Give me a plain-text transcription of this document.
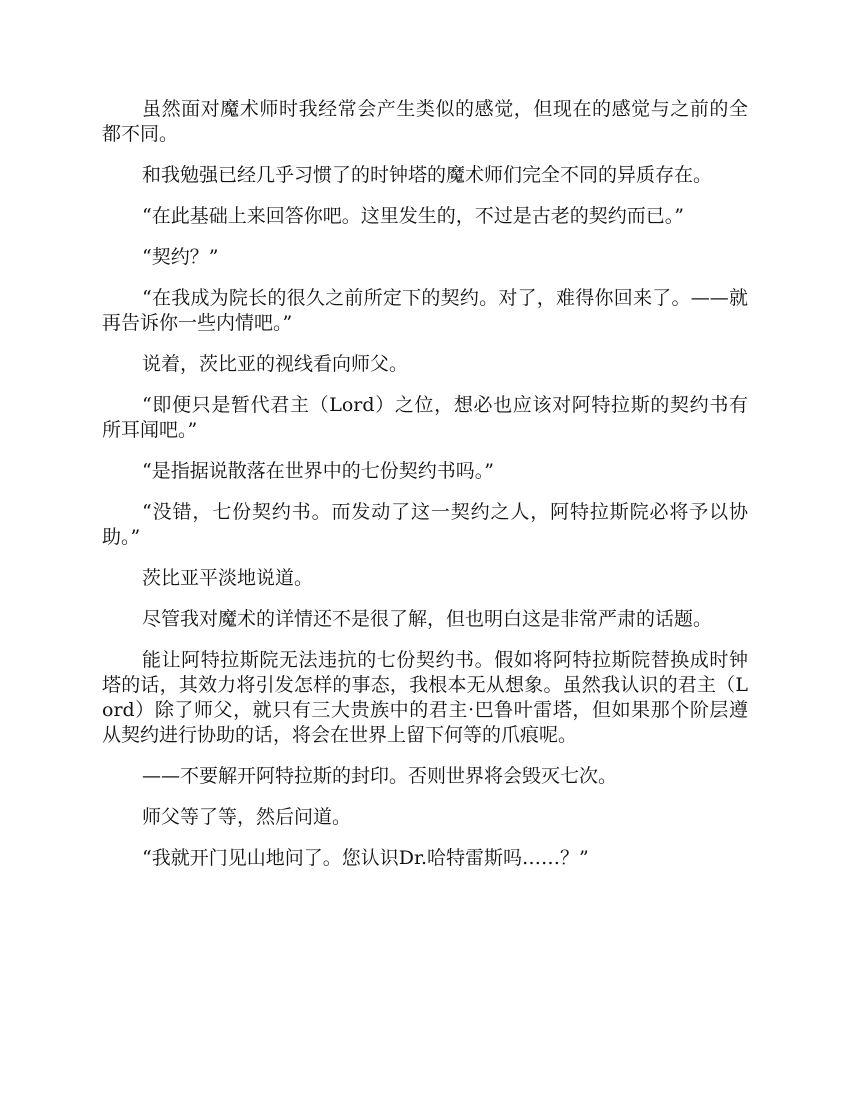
虽然面对魔术师时我经常会产生类似的感觉，但现在的感觉与之前的全都不同。

和我勉强已经几乎习惯了的时钟塔的魔术师们完全不同的异质存在。

“在此基础上来回答你吧。这里发生的，不过是古老的契约而已。”

“契约？”

“在我成为院长的很久之前所定下的契约。对了，难得你回来了。——就再告诉你一些内情吧。”

说着，茨比亚的视线看向师父。

“即便只是暂代君主（Lord）之位，想必也应该对阿特拉斯的契约书有所耳闻吧。”

“是指据说散落在世界中的七份契约书吗。”

“没错，七份契约书。而发动了这一契约之人，阿特拉斯院必将予以协助。”

茨比亚平淡地说道。

尽管我对魔术的详情还不是很了解，但也明白这是非常严肃的话题。

能让阿特拉斯院无法违抗的七份契约书。假如将阿特拉斯院替换成时钟塔的话，其效力将引发怎样的事态，我根本无从想象。虽然我认识的君主（Lord）除了师父，就只有三大贵族中的君主·巴鲁叶雷塔，但如果那个阶层遵从契约进行协助的话，将会在世界上留下何等的爪痕呢。

——不要解开阿特拉斯的封印。否则世界将会毁灭七次。

师父等了等，然后问道。

“我就开门见山地问了。您认识Dr.哈特雷斯吗……？”
